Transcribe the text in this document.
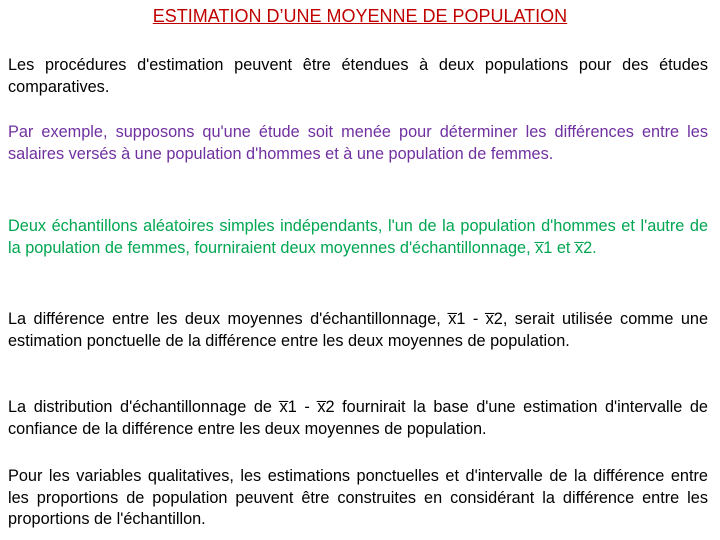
ESTIMATION D’UNE MOYENNE DE POPULATION

Les procédures d'estimation peuvent être étendues à deux populations pour des études comparatives.

Par exemple, supposons qu'une étude soit menée pour déterminer les différences entre les salaires versés à une population d'hommes et à une population de femmes.

Deux échantillons aléatoires simples indépendants, l'un de la population d'hommes et l'autre de la population de femmes, fourniraient deux moyennes d'échantillonnage, x̅1 et x̅2.

La différence entre les deux moyennes d'échantillonnage, x̅1 - x̅2, serait utilisée comme une estimation ponctuelle de la différence entre les deux moyennes de population.

La distribution d'échantillonnage de x̅1 - x̅2 fournirait la base d'une estimation d'intervalle de confiance de la différence entre les deux moyennes de population.

Pour les variables qualitatives, les estimations ponctuelles et d'intervalle de la différence entre les proportions de population peuvent être construites en considérant la différence entre les proportions de l'échantillon.
